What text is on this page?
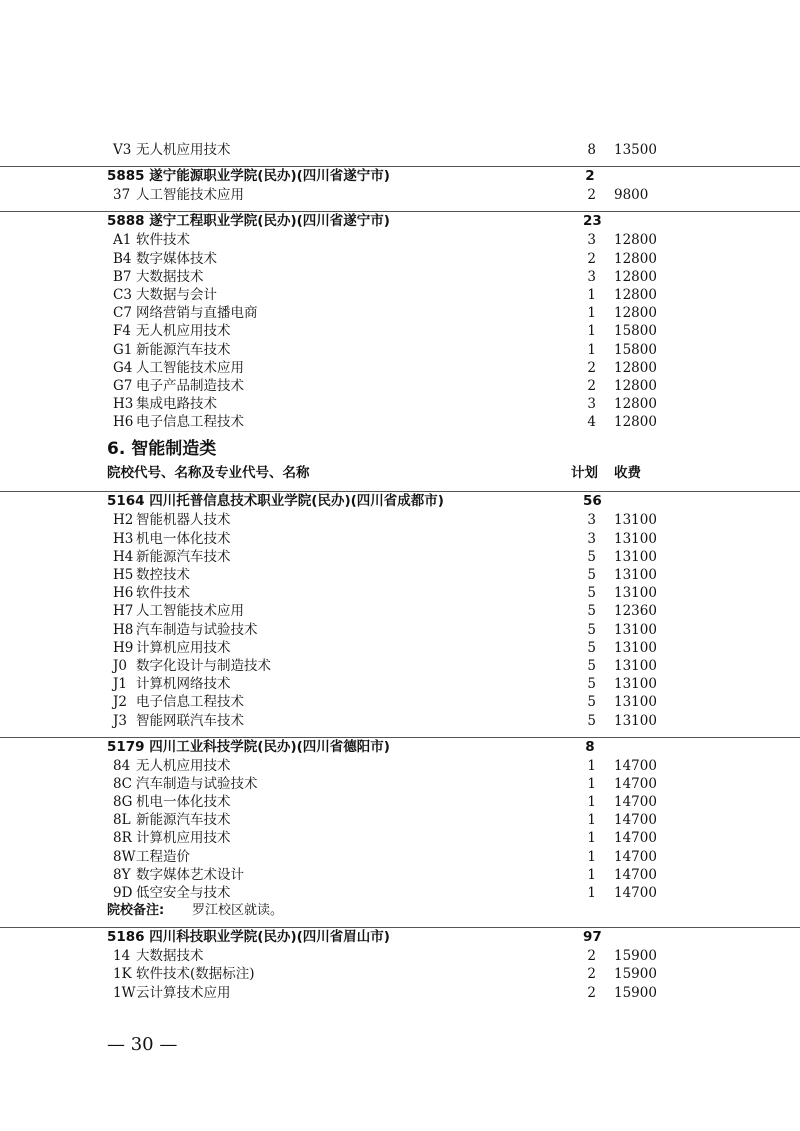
V3 无人机应用技术	8 13500
5885 遂宁能源职业学院(民办)(四川省遂宁市)	2
37 人工智能技术应用	2 9800
5888 遂宁工程职业学院(民办)(四川省遂宁市)	23
A1 软件技术	3 12800
B4 数字媒体技术	2 12800
B7 大数据技术	3 12800
C3 大数据与会计	1 12800
C7 网络营销与直播电商	1 12800
F4 无人机应用技术	1 15800
G1 新能源汽车技术	1 15800
G4 人工智能技术应用	2 12800
G7 电子产品制造技术	2 12800
H3 集成电路技术	3 12800
H6 电子信息工程技术	4 12800
6. 智能制造类
院校代号、名称及专业代号、名称	计划 收费
5164 四川托普信息技术职业学院(民办)(四川省成都市)	56
H2 智能机器人技术	3 13100
H3 机电一体化技术	3 13100
H4 新能源汽车技术	5 13100
H5 数控技术	5 13100
H6 软件技术	5 13100
H7 人工智能技术应用	5 12360
H8 汽车制造与试验技术	5 13100
H9 计算机应用技术	5 13100
J0 数字化设计与制造技术	5 13100
J1 计算机网络技术	5 13100
J2 电子信息工程技术	5 13100
J3 智能网联汽车技术	5 13100
5179 四川工业科技学院(民办)(四川省德阳市)	8
84 无人机应用技术	1 14700
8C 汽车制造与试验技术	1 14700
8G 机电一体化技术	1 14700
8L 新能源汽车技术	1 14700
8R 计算机应用技术	1 14700
8W 工程造价	1 14700
8Y 数字媒体艺术设计	1 14700
9D 低空安全与技术	1 14700
院校备注: 罗江校区就读。
5186 四川科技职业学院(民办)(四川省眉山市)	97
14 大数据技术	2 15900
1K 软件技术(数据标注)	2 15900
1W 云计算技术应用	2 15900
— 30 —
